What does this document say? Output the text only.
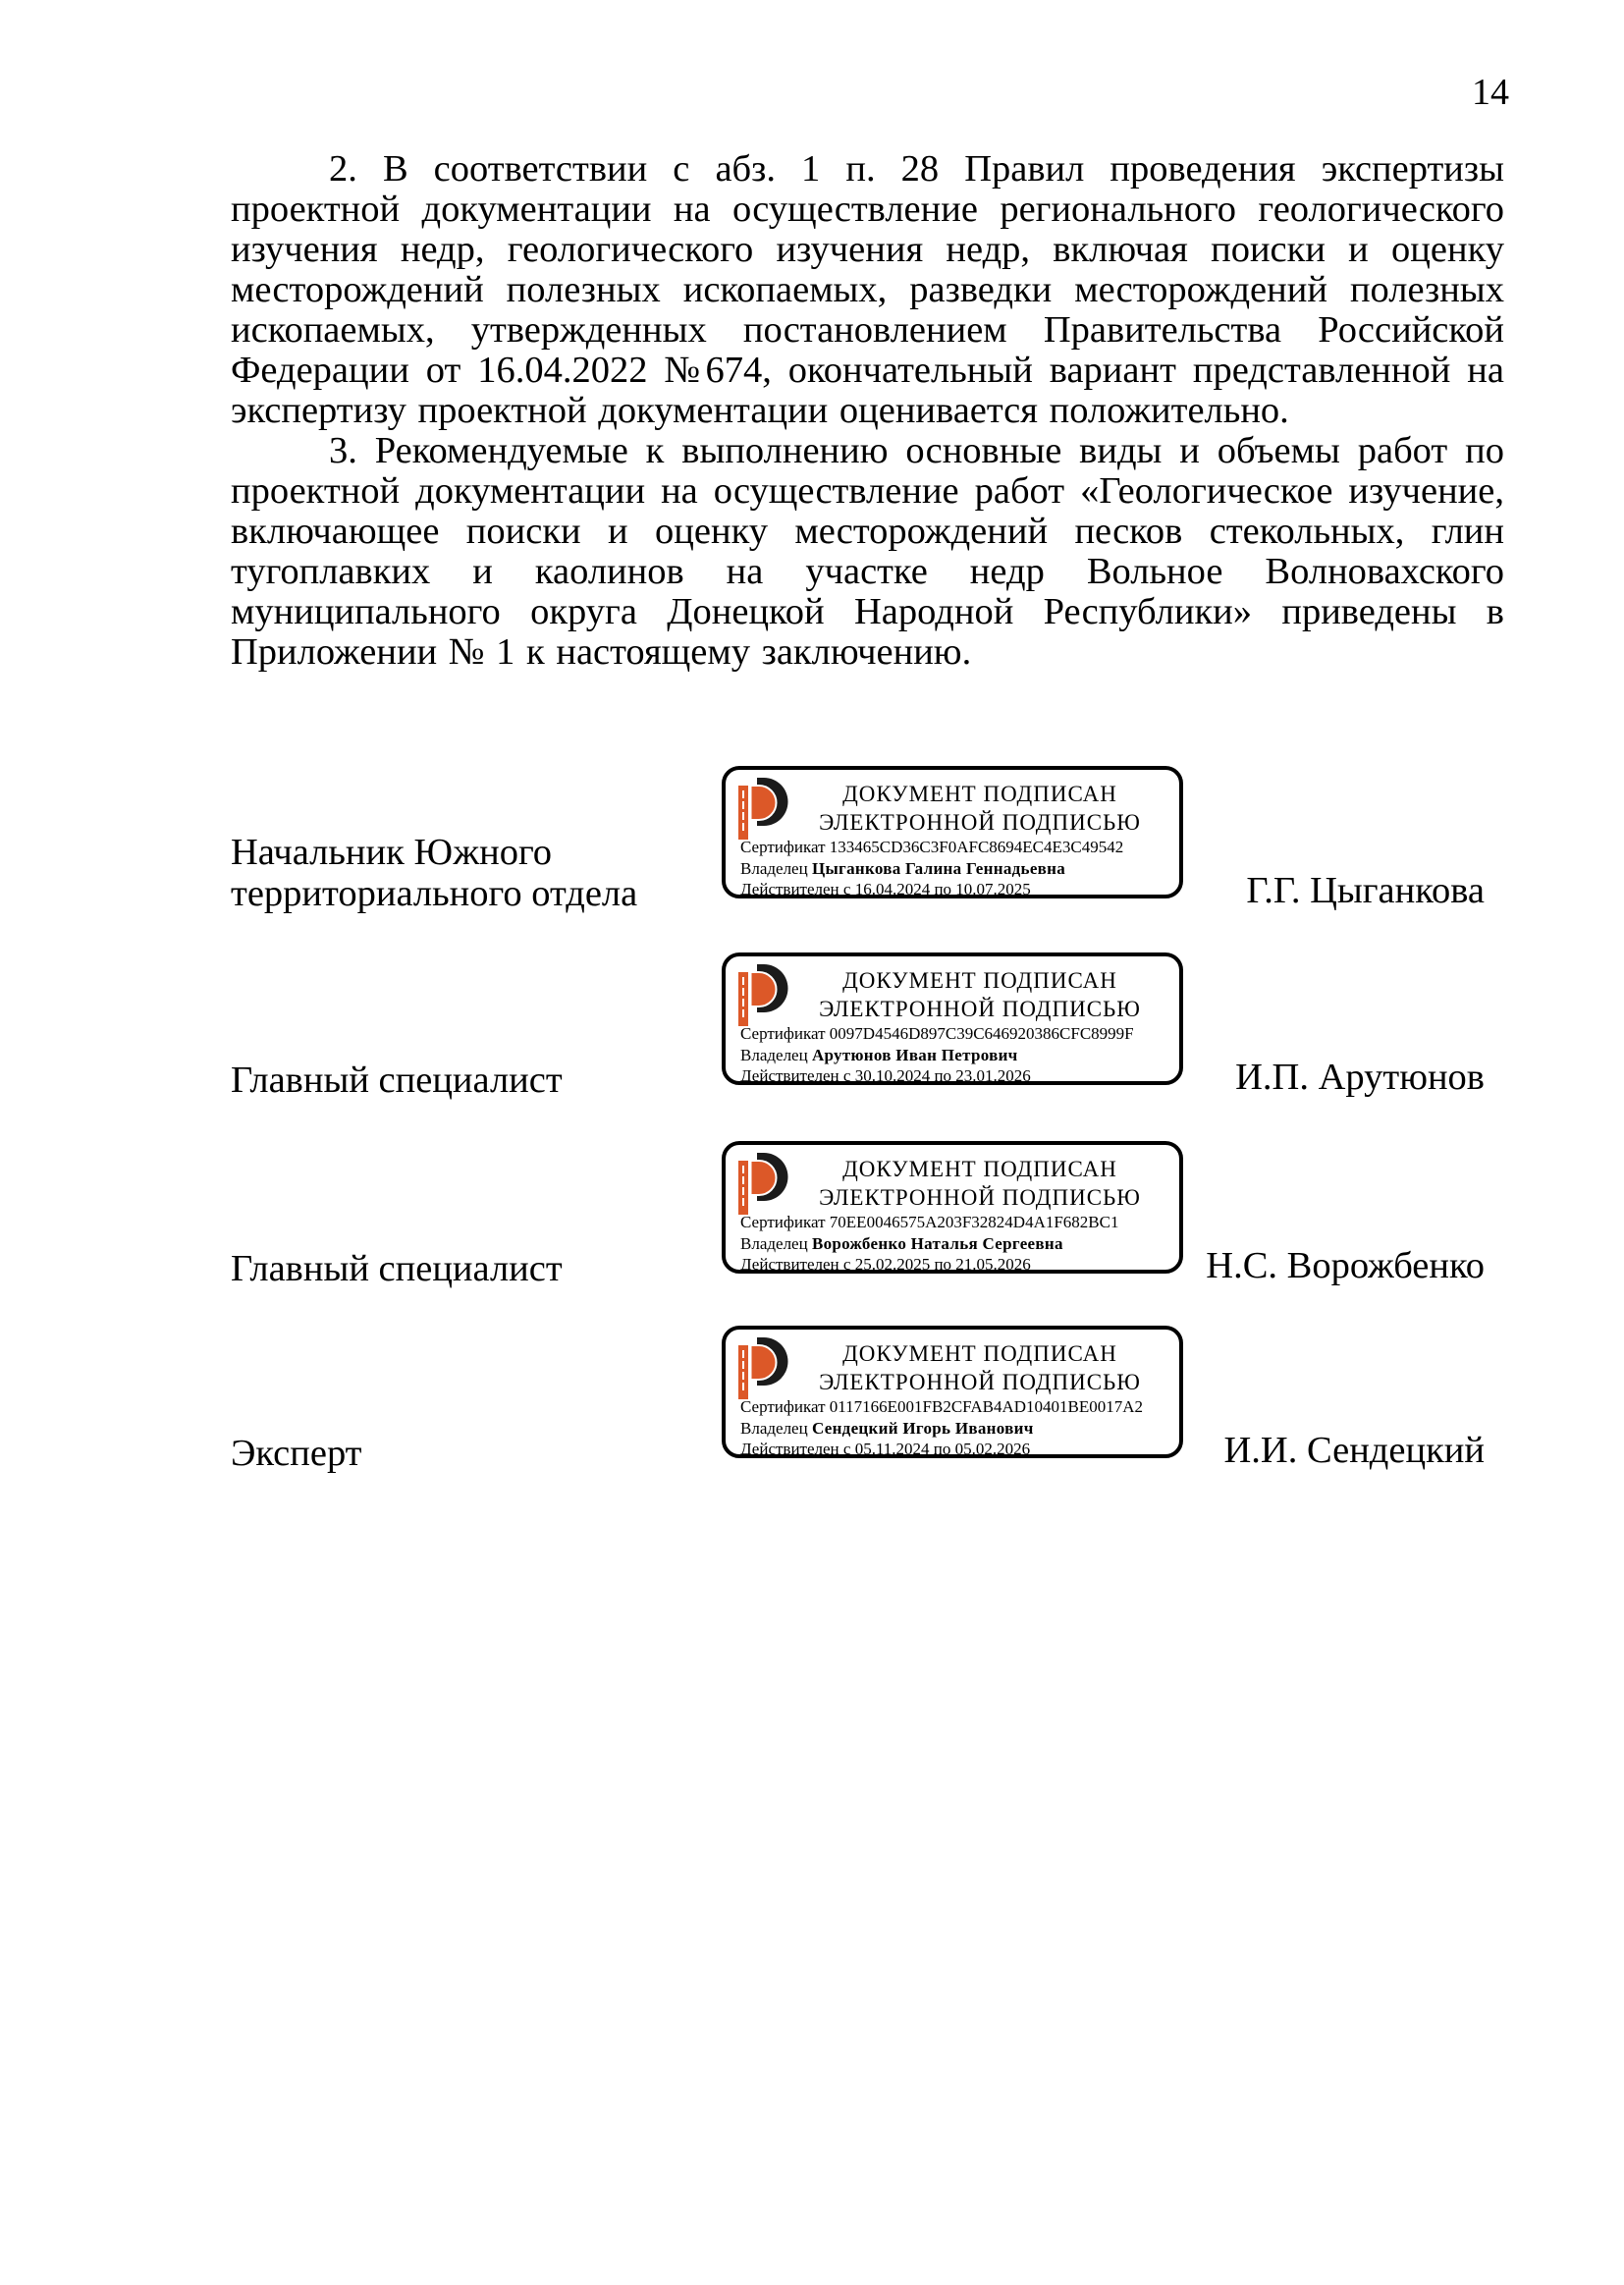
14

2. В соответствии с абз. 1 п. 28 Правил проведения экспертизы проектной документации на осуществление регионального геологического изучения недр, геологического изучения недр, включая поиски и оценку месторождений полезных ископаемых, разведки месторождений полезных ископаемых, утвержденных постановлением Правительства Российской Федерации от 16.04.2022 №674, окончательный вариант представленной на экспертизу проектной документации оценивается положительно.

3. Рекомендуемые к выполнению основные виды и объемы работ по проектной документации на осуществление работ «Геологическое изучение, включающее поиски и оценку месторождений песков стекольных, глин тугоплавких и каолинов на участке недр Вольное Волновахского муниципального округа Донецкой Народной Республики» приведены в Приложении № 1 к настоящему заключению.

Начальник Южного территориального отдела
ДОКУМЕНТ ПОДПИСАН
ЭЛЕКТРОННОЙ ПОДПИСЬЮ
Сертификат 133465CD36C3F0AFC8694EC4E3C49542
Владелец Цыганкова Галина Геннадьевна
Действителен с 16.04.2024 по 10.07.2025	Г.Г. Цыганкова
Главный специалист
ДОКУМЕНТ ПОДПИСАН
ЭЛЕКТРОННОЙ ПОДПИСЬЮ
Сертификат 0097D4546D897C39C646920386CFC8999F
Владелец Арутюнов Иван Петрович
Действителен с 30.10.2024 по 23.01.2026	И.П. Арутюнов
Главный специалист
ДОКУМЕНТ ПОДПИСАН
ЭЛЕКТРОННОЙ ПОДПИСЬЮ
Сертификат 70EE0046575A203F32824D4A1F682BC1
Владелец Ворожбенко Наталья Сергеевна
Действителен с 25.02.2025 по 21.05.2026	Н.С. Ворожбенко
Эксперт
ДОКУМЕНТ ПОДПИСАН
ЭЛЕКТРОННОЙ ПОДПИСЬЮ
Сертификат 0117166E001FB2CFAB4AD10401BE0017A2
Владелец Сендецкий Игорь Иванович
Действителен с 05.11.2024 по 05.02.2026	И.И. Сендецкий
